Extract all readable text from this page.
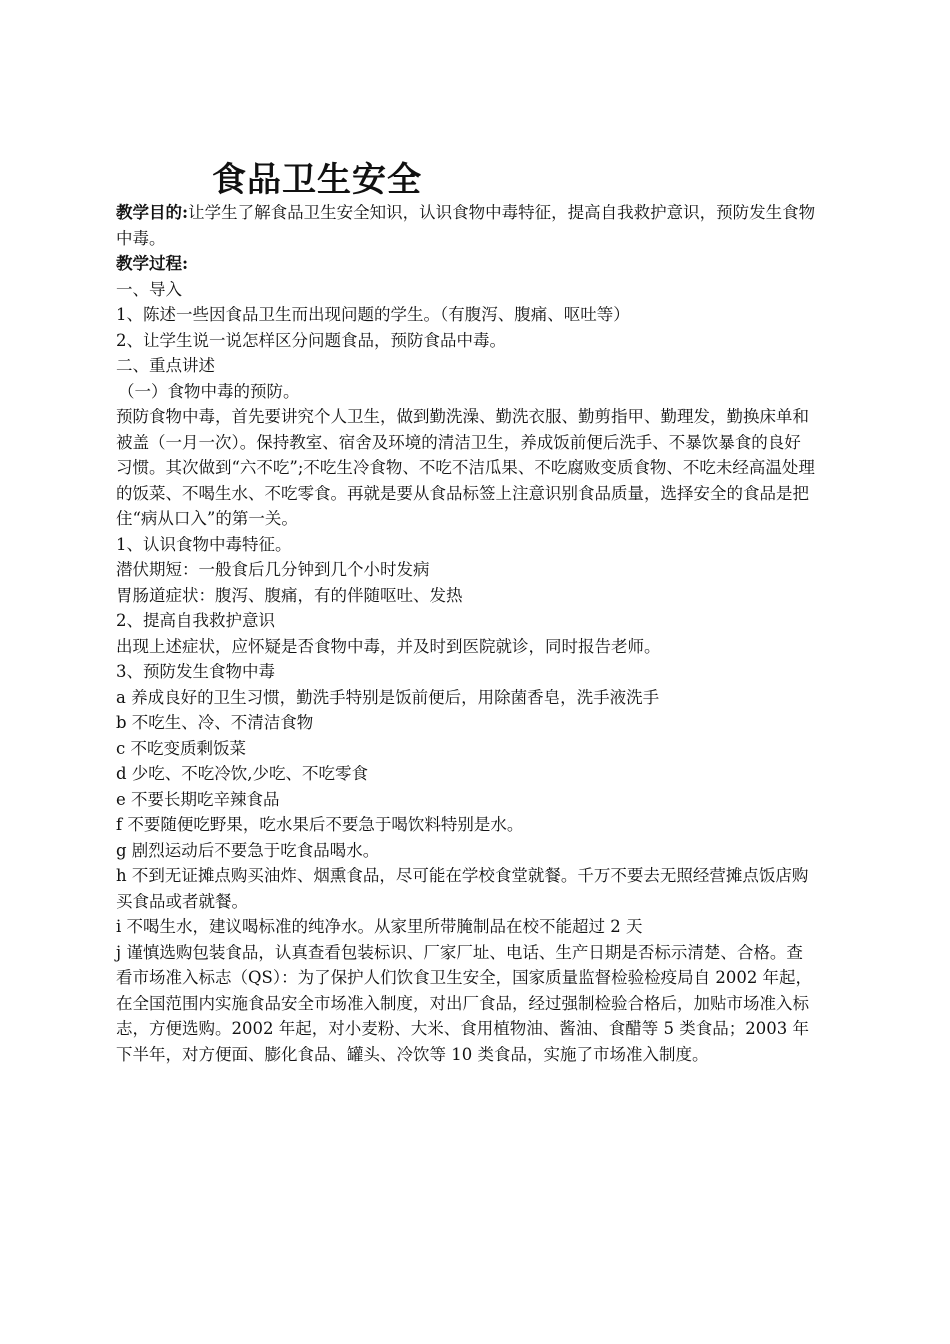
食品卫生安全

教学目的:让学生了解食品卫生安全知识，认识食物中毒特征，提高自我救护意识，预防发生食物中毒。

教学过程:

一、导入

1、陈述一些因食品卫生而出现问题的学生。（有腹泻、腹痛、呕吐等）

2、让学生说一说怎样区分问题食品，预防食品中毒。

二、重点讲述

（一）食物中毒的预防。

预防食物中毒，首先要讲究个人卫生，做到勤洗澡、勤洗衣服、勤剪指甲、勤理发，勤换床单和被盖（一月一次）。保持教室、宿舍及环境的清洁卫生，养成饭前便后洗手、不暴饮暴食的良好习惯。其次做到“六不吃”;不吃生冷食物、不吃不洁瓜果、不吃腐败变质食物、不吃未经高温处理的饭菜、不喝生水、不吃零食。再就是要从食品标签上注意识别食品质量，选择安全的食品是把住“病从口入”的第一关。

1、认识食物中毒特征。

潜伏期短：一般食后几分钟到几个小时发病

胃肠道症状：腹泻、腹痛，有的伴随呕吐、发热

2、提高自我救护意识

出现上述症状，应怀疑是否食物中毒，并及时到医院就诊，同时报告老师。

3、预防发生食物中毒

a 养成良好的卫生习惯，勤洗手特别是饭前便后，用除菌香皂，洗手液洗手

b 不吃生、冷、不清洁食物

c 不吃变质剩饭菜

d 少吃、不吃冷饮,少吃、不吃零食

e 不要长期吃辛辣食品

f 不要随便吃野果，吃水果后不要急于喝饮料特别是水。

g 剧烈运动后不要急于吃食品喝水。

h 不到无证摊点购买油炸、烟熏食品，尽可能在学校食堂就餐。千万不要去无照经营摊点饭店购买食品或者就餐。

i 不喝生水，建议喝标准的纯净水。从家里所带腌制品在校不能超过 2 天

j 谨慎选购包装食品，认真查看包装标识、厂家厂址、电话、生产日期是否标示清楚、合格。查看市场准入标志（QS）：为了保护人们饮食卫生安全，国家质量监督检验检疫局自 2002 年起，在全国范围内实施食品安全市场准入制度，对出厂食品，经过强制检验合格后，加贴市场准入标志，方便选购。2002 年起，对小麦粉、大米、食用植物油、酱油、食醋等 5 类食品；2003 年下半年，对方便面、膨化食品、罐头、冷饮等 10 类食品，实施了市场准入制度。
